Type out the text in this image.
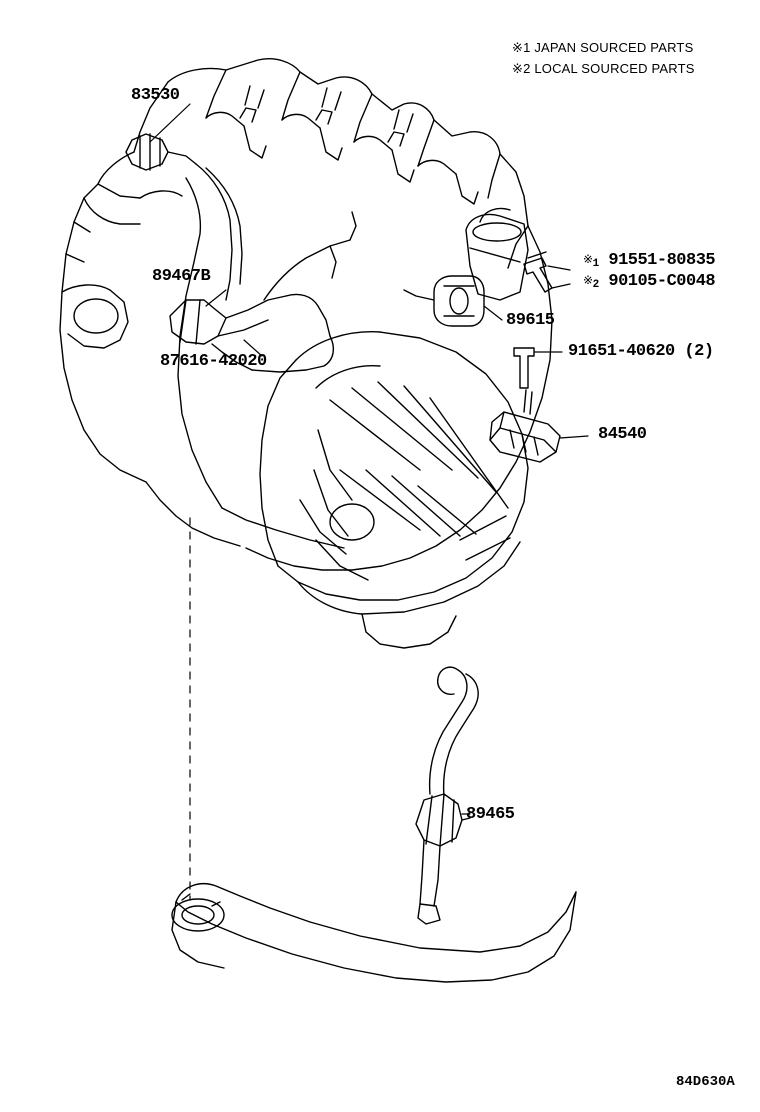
※1 JAPAN SOURCED PARTS
※2 LOCAL SOURCED PARTS
83530
89467B
87616-42020
※1 91551-80835
※2 90105-C0048
89615
91651-40620 (2)
84540
89465
84D630A
